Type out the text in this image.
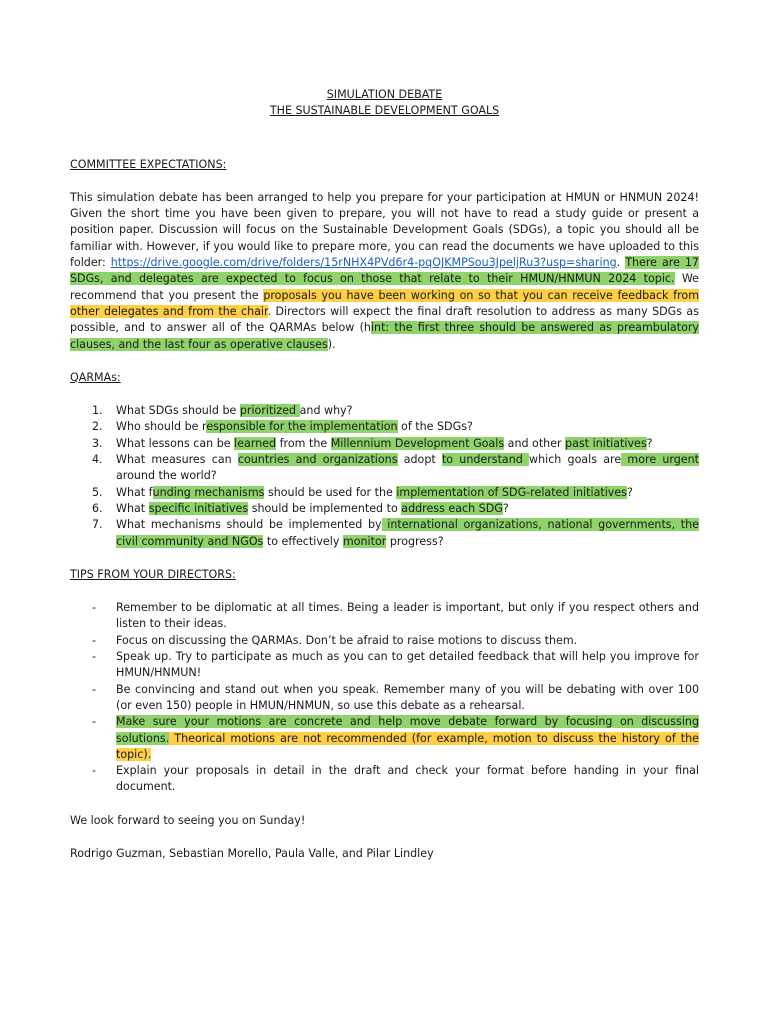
SIMULATION DEBATE

THE SUSTAINABLE DEVELOPMENT GOALS

COMMITTEE EXPECTATIONS:

This simulation debate has been arranged to help you prepare for your participation at HMUN or HNMUN 2024! Given the short time you have been given to prepare, you will not have to read a study guide or present a position paper. Discussion will focus on the Sustainable Development Goals (SDGs), a topic you should all be familiar with. However, if you would like to prepare more, you can read the documents we have uploaded to this folder: https://drive.google.com/drive/folders/15rNHX4PVd6r4-pqOJKMPSou3JpeljRu3?usp=sharing. There are 17 SDGs, and delegates are expected to focus on those that relate to their HMUN/HNMUN 2024 topic. We recommend that you present the proposals you have been working on so that you can receive feedback from other delegates and from the chair. Directors will expect the final draft resolution to address as many SDGs as possible, and to answer all of the QARMAs below (hint: the first three should be answered as preambulatory clauses, and the last four as operative clauses).

QARMAs:

1. What SDGs should be prioritized and why?
2. Who should be responsible for the implementation of the SDGs?
3. What lessons can be learned from the Millennium Development Goals and other past initiatives?
4. What measures can countries and organizations adopt to understand which goals are more urgent around the world?
5. What funding mechanisms should be used for the implementation of SDG-related initiatives?
6. What specific initiatives should be implemented to address each SDG?
7. What mechanisms should be implemented by international organizations, national governments, the civil community and NGOs to effectively monitor progress?

TIPS FROM YOUR DIRECTORS:

- Remember to be diplomatic at all times. Being a leader is important, but only if you respect others and listen to their ideas.
- Focus on discussing the QARMAs. Don’t be afraid to raise motions to discuss them.
- Speak up. Try to participate as much as you can to get detailed feedback that will help you improve for HMUN/HNMUN!
- Be convincing and stand out when you speak. Remember many of you will be debating with over 100 (or even 150) people in HMUN/HNMUN, so use this debate as a rehearsal.
- Make sure your motions are concrete and help move debate forward by focusing on discussing solutions. Theorical motions are not recommended (for example, motion to discuss the history of the topic).
- Explain your proposals in detail in the draft and check your format before handing in your final document.

We look forward to seeing you on Sunday!

Rodrigo Guzman, Sebastian Morello, Paula Valle, and Pilar Lindley
